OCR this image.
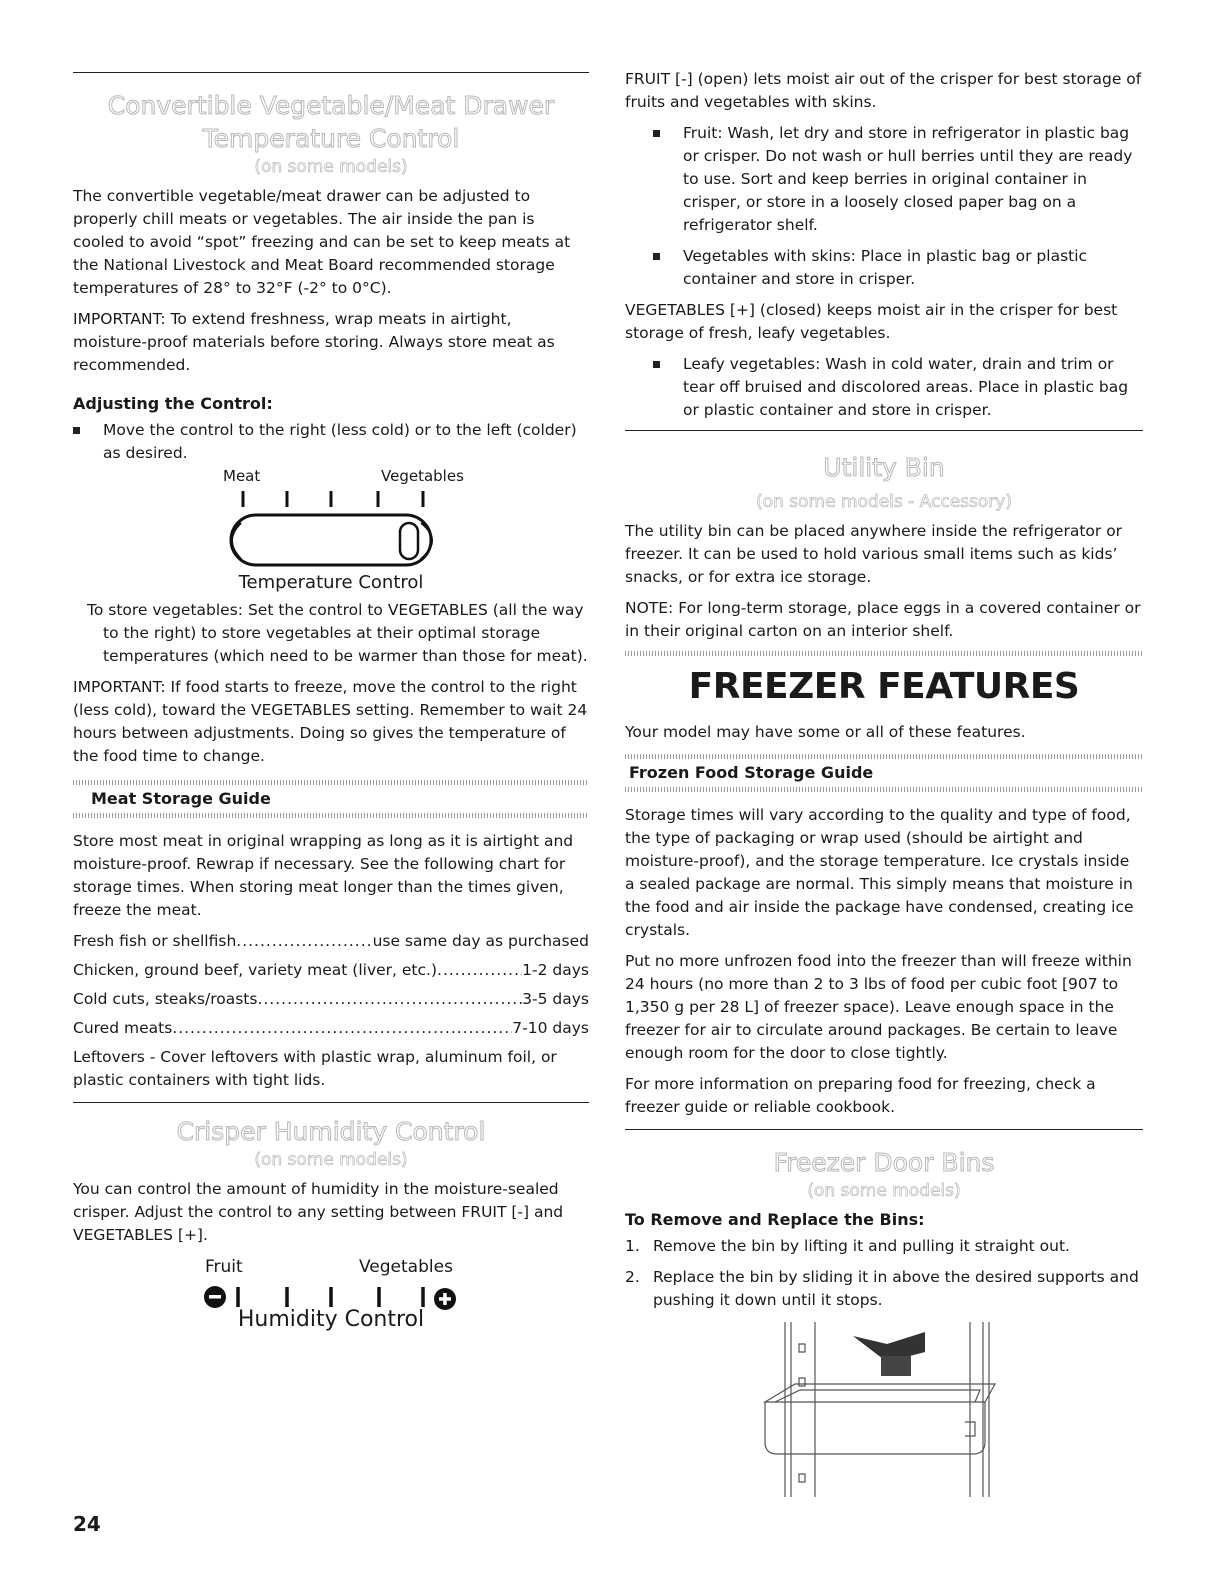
Convertible Vegetable/Meat Drawer
Temperature Control
(on some models)

The convertible vegetable/meat drawer can be adjusted to properly chill meats or vegetables. The air inside the pan is cooled to avoid “spot” freezing and can be set to keep meats at the National Livestock and Meat Board recommended storage temperatures of 28° to 32°F (-2° to 0°C).

IMPORTANT: To extend freshness, wrap meats in airtight, moisture-proof materials before storing. Always store meat as recommended.

Adjusting the Control:

Move the control to the right (less cold) or to the left (colder) as desired.

Meat	Vegetables
Temperature Control

To store vegetables: Set the control to VEGETABLES (all the way to the right) to store vegetables at their optimal storage temperatures (which need to be warmer than those for meat).

IMPORTANT: If food starts to freeze, move the control to the right (less cold), toward the VEGETABLES setting. Remember to wait 24 hours between adjustments. Doing so gives the temperature of the food time to change.

Meat Storage Guide

Store most meat in original wrapping as long as it is airtight and moisture-proof. Rewrap if necessary. See the following chart for storage times. When storing meat longer than the times given, freeze the meat.

Fresh fish or shellfish .....	use same day as purchased
Chicken, ground beef, variety meat (liver, etc.) .....	1-2 days
Cold cuts, steaks/roasts .....	3-5 days
Cured meats .....	7-10 days

Leftovers - Cover leftovers with plastic wrap, aluminum foil, or plastic containers with tight lids.

Crisper Humidity Control
(on some models)

You can control the amount of humidity in the moisture-sealed crisper. Adjust the control to any setting between FRUIT [-] and VEGETABLES [+].

Fruit	Vegetables
Humidity Control

FRUIT [-] (open) lets moist air out of the crisper for best storage of fruits and vegetables with skins.

Fruit: Wash, let dry and store in refrigerator in plastic bag or crisper. Do not wash or hull berries until they are ready to use. Sort and keep berries in original container in crisper, or store in a loosely closed paper bag on a refrigerator shelf.

Vegetables with skins: Place in plastic bag or plastic container and store in crisper.

VEGETABLES [+] (closed) keeps moist air in the crisper for best storage of fresh, leafy vegetables.

Leafy vegetables: Wash in cold water, drain and trim or tear off bruised and discolored areas. Place in plastic bag or plastic container and store in crisper.

Utility Bin
(on some models - Accessory)

The utility bin can be placed anywhere inside the refrigerator or freezer. It can be used to hold various small items such as kids’ snacks, or for extra ice storage.

NOTE: For long-term storage, place eggs in a covered container or in their original carton on an interior shelf.

FREEZER FEATURES

Your model may have some or all of these features.

Frozen Food Storage Guide

Storage times will vary according to the quality and type of food, the type of packaging or wrap used (should be airtight and moisture-proof), and the storage temperature. Ice crystals inside a sealed package are normal. This simply means that moisture in the food and air inside the package have condensed, creating ice crystals.

Put no more unfrozen food into the freezer than will freeze within 24 hours (no more than 2 to 3 lbs of food per cubic foot [907 to 1,350 g per 28 L] of freezer space). Leave enough space in the freezer for air to circulate around packages. Be certain to leave enough room for the door to close tightly.

For more information on preparing food for freezing, check a freezer guide or reliable cookbook.

Freezer Door Bins
(on some models)
To Remove and Replace the Bins:

1. Remove the bin by lifting it and pulling it straight out.

2. Replace the bin by sliding it in above the desired supports and pushing it down until it stops.

24
